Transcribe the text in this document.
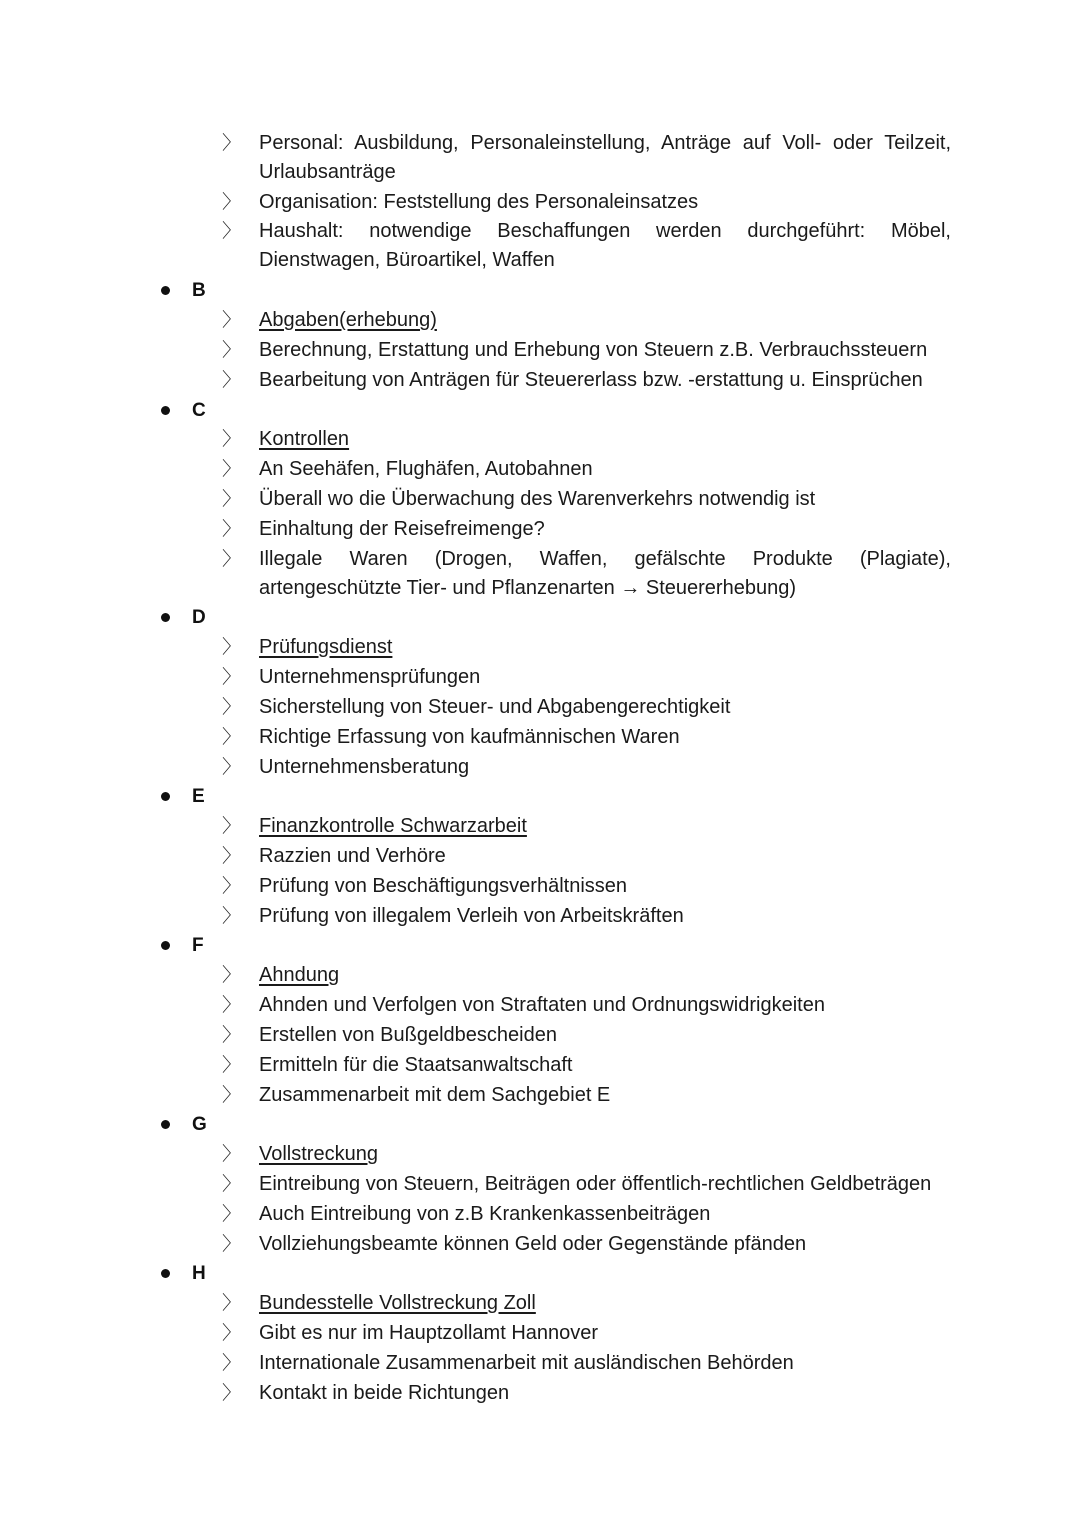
〉 Personal: Ausbildung, Personaleinstellung, Anträge auf Voll- oder Teilzeit, Urlaubsanträge
〉 Organisation: Feststellung des Personaleinsatzes
〉 Haushalt: notwendige Beschaffungen werden durchgeführt: Möbel, Dienstwagen, Büroartikel, Waffen
B
〉 Abgaben(erhebung)
〉 Berechnung, Erstattung und Erhebung von Steuern z.B. Verbrauchssteuern
〉 Bearbeitung von Anträgen für Steuererlass bzw. -erstattung u. Einsprüchen
C
〉 Kontrollen
〉 An Seehäfen, Flughäfen, Autobahnen
〉 Überall wo die Überwachung des Warenverkehrs notwendig ist
〉 Einhaltung der Reisefreimenge?
〉 Illegale Waren (Drogen, Waffen, gefälschte Produkte (Plagiate), artengeschützte Tier- und Pflanzenarten → Steuererhebung)
D
〉 Prüfungsdienst
〉 Unternehmensprüfungen
〉 Sicherstellung von Steuer- und Abgabengerechtigkeit
〉 Richtige Erfassung von kaufmännischen Waren
〉 Unternehmensberatung
E
〉 Finanzkontrolle Schwarzarbeit
〉 Razzien und Verhöre
〉 Prüfung von Beschäftigungsverhältnissen
〉 Prüfung von illegalem Verleih von Arbeitskräften
F
〉 Ahndung
〉 Ahnden und Verfolgen von Straftaten und Ordnungswidrigkeiten
〉 Erstellen von Bußgeldbescheiden
〉 Ermitteln für die Staatsanwaltschaft
〉 Zusammenarbeit mit dem Sachgebiet E
G
〉 Vollstreckung
〉 Eintreibung von Steuern, Beiträgen oder öffentlich-rechtlichen Geldbeträgen
〉 Auch Eintreibung von z.B Krankenkassenbeiträgen
〉 Vollziehungsbeamte können Geld oder Gegenstände pfänden
H
〉 Bundesstelle Vollstreckung Zoll
〉 Gibt es nur im Hauptzollamt Hannover
〉 Internationale Zusammenarbeit mit ausländischen Behörden
〉 Kontakt in beide Richtungen
